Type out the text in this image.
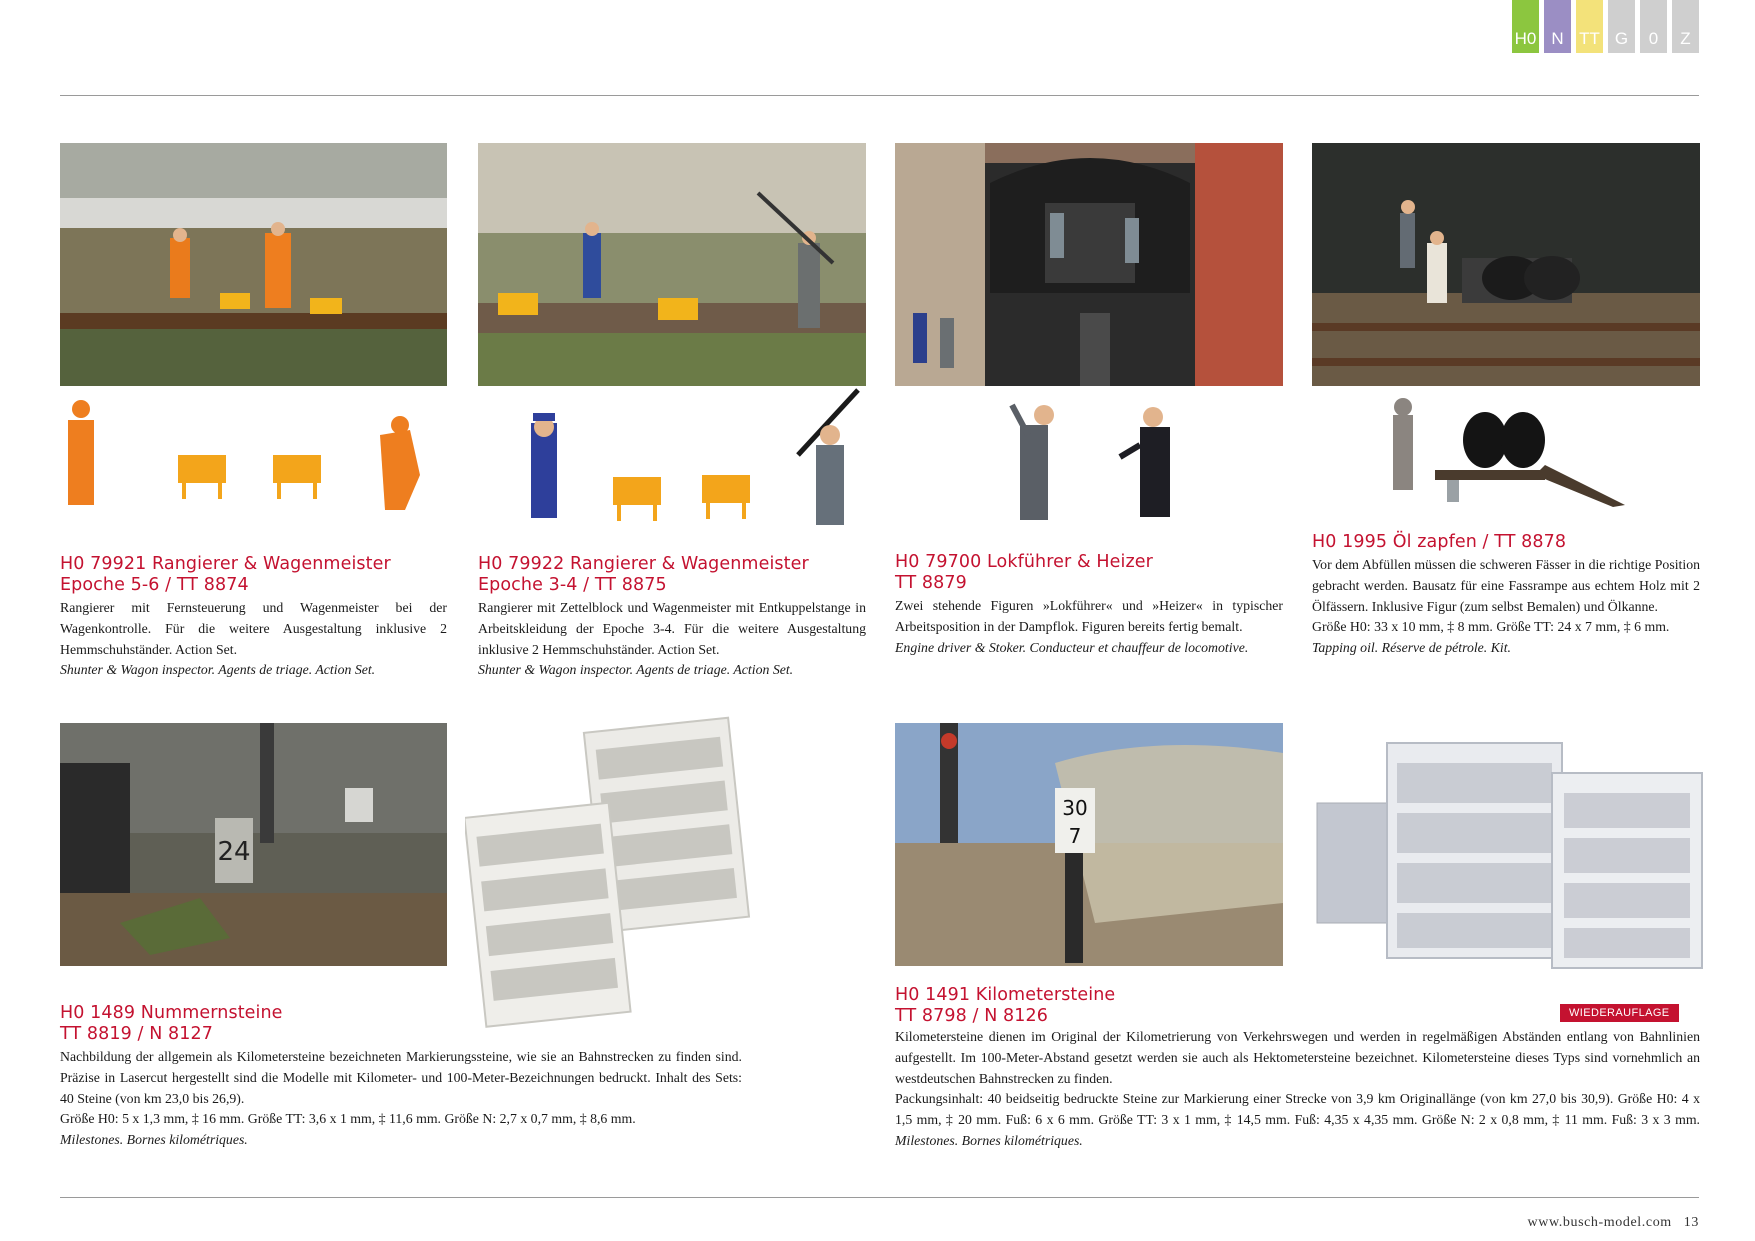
H0 N TT G	0	Z
H0 79921 Rangierer & Wagenmeister
Epoche 5-6 / TT 8874

Rangierer mit Fernsteuerung und Wagenmeister bei der Wagenkontrolle. Für die weitere Ausgestaltung inklusive 2 Hemmschuhständer. Action Set.

Shunter & Wagon inspector. Agents de triage. Action Set.

H0 79922 Rangierer & Wagenmeister
Epoche 3-4 / TT 8875

Rangierer mit Zettelblock und Wagenmeister mit Entkuppelstange in Arbeitskleidung der Epoche 3-4. Für die weitere Ausgestaltung inklusive 2 Hemmschuhständer. Action Set.

Shunter & Wagon inspector. Agents de triage. Action Set.

H0 79700 Lokführer & Heizer
TT 8879

Zwei stehende Figuren »Lokführer« und »Heizer« in typischer Arbeitsposition in der Dampflok. Figuren bereits fertig bemalt.

Engine driver & Stoker. Conducteur et chauffeur de locomotive.

H0 1995 Öl zapfen / TT 8878

Vor dem Abfüllen müssen die schweren Fässer in die richtige Position gebracht werden. Bausatz für eine Fassrampe aus echtem Holz mit 2 Ölfässern. Inklusive Figur (zum selbst Bemalen) und Ölkanne.

Größe H0: 33 x 10 mm, ‡ 8 mm. Größe TT: 24 x 7 mm, ‡ 6 mm.

Tapping oil. Réserve de pétrole. Kit.

24
H0 1489 Nummernsteine
TT 8819 / N 8127

Nachbildung der allgemein als Kilometersteine bezeichneten Markierungssteine, wie sie an Bahnstrecken zu finden sind. Präzise in Lasercut hergestellt sind die Modelle mit Kilometer- und 100-Meter-Bezeichnungen bedruckt. Inhalt des Sets: 40 Steine (von km 23,0 bis 26,9).

Größe H0: 5 x 1,3 mm, ‡ 16 mm. Größe TT: 3,6 x 1 mm, ‡ 11,6 mm. Größe N: 2,7 x 0,7 mm, ‡ 8,6 mm.

Milestones. Bornes kilométriques.

30
7
H0 1491 Kilometersteine
TT 8798 / N 8126	WIEDERAUFLAGE

Kilometersteine dienen im Original der Kilometrierung von Verkehrswegen und werden in regelmäßigen Abständen entlang von Bahnlinien aufgestellt. Im 100-Meter-Abstand gesetzt werden sie auch als Hektometersteine bezeichnet. Kilometersteine dieses Typs sind vornehmlich an westdeutschen Bahnstrecken zu finden.

Packungsinhalt: 40 beidseitig bedruckte Steine zur Markierung einer Strecke von 3,9 km Originallänge (von km 27,0 bis 30,9). Größe H0: 4 x 1,5 mm, ‡ 20 mm. Fuß: 6 x 6 mm. Größe TT: 3 x 1 mm, ‡ 14,5 mm. Fuß: 4,35 x 4,35 mm. Größe N: 2 x 0,8 mm, ‡ 11 mm. Fuß: 3 x 3 mm. Milestones. Bornes kilométriques.

www.busch-model.com 13
